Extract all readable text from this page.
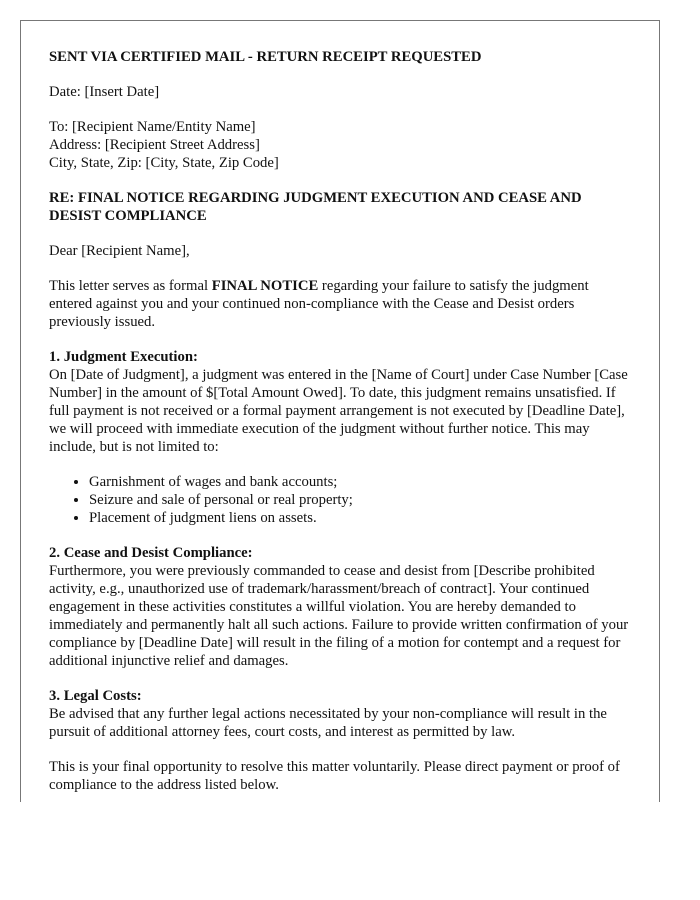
SENT VIA CERTIFIED MAIL - RETURN RECEIPT REQUESTED

Date: [Insert Date]

To: [Recipient Name/Entity Name]

Address: [Recipient Street Address]

City, State, Zip: [City, State, Zip Code]

RE: FINAL NOTICE REGARDING JUDGMENT EXECUTION AND CEASE AND DESIST COMPLIANCE

Dear [Recipient Name],

This letter serves as formal FINAL NOTICE regarding your failure to satisfy the judgment entered against you and your continued non-compliance with the Cease and Desist orders previously issued.

1. Judgment Execution:

On [Date of Judgment], a judgment was entered in the [Name of Court] under Case Number [Case Number] in the amount of $[Total Amount Owed]. To date, this judgment remains unsatisfied. If full payment is not received or a formal payment arrangement is not executed by [Deadline Date], we will proceed with immediate execution of the judgment without further notice. This may include, but is not limited to:

• Garnishment of wages and bank accounts;
• Seizure and sale of personal or real property;
• Placement of judgment liens on assets.

2. Cease and Desist Compliance:

Furthermore, you were previously commanded to cease and desist from [Describe prohibited activity, e.g., unauthorized use of trademark/harassment/breach of contract]. Your continued engagement in these activities constitutes a willful violation. You are hereby demanded to immediately and permanently halt all such actions. Failure to provide written confirmation of your compliance by [Deadline Date] will result in the filing of a motion for contempt and a request for additional injunctive relief and damages.

3. Legal Costs:

Be advised that any further legal actions necessitated by your non-compliance will result in the pursuit of additional attorney fees, court costs, and interest as permitted by law.

This is your final opportunity to resolve this matter voluntarily. Please direct payment or proof of compliance to the address listed below.
